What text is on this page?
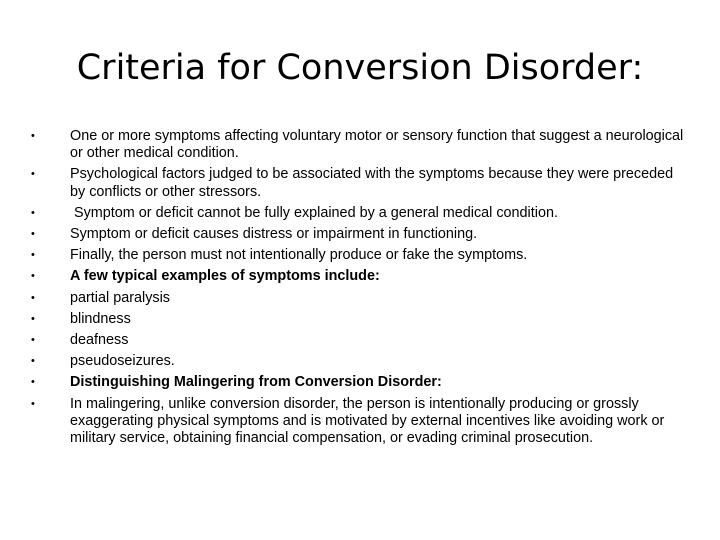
Criteria for Conversion Disorder:
•	One or more symptoms affecting voluntary motor or sensory function that suggest a neurological or other medical condition.
•	Psychological factors judged to be associated with the symptoms because they were preceded by conflicts or other stressors.
•	Symptom or deficit cannot be fully explained by a general medical condition.
•	Symptom or deficit causes distress or impairment in functioning.
•	Finally, the person must not intentionally produce or fake the symptoms.
•	A few typical examples of symptoms include:
•	partial paralysis
•	blindness
•	deafness
•	pseudoseizures.
•	Distinguishing Malingering from Conversion Disorder:
•	In malingering, unlike conversion disorder, the person is intentionally producing or grossly exaggerating physical symptoms and is motivated by external incentives like avoiding work or military service, obtaining financial compensation, or evading criminal prosecution.
